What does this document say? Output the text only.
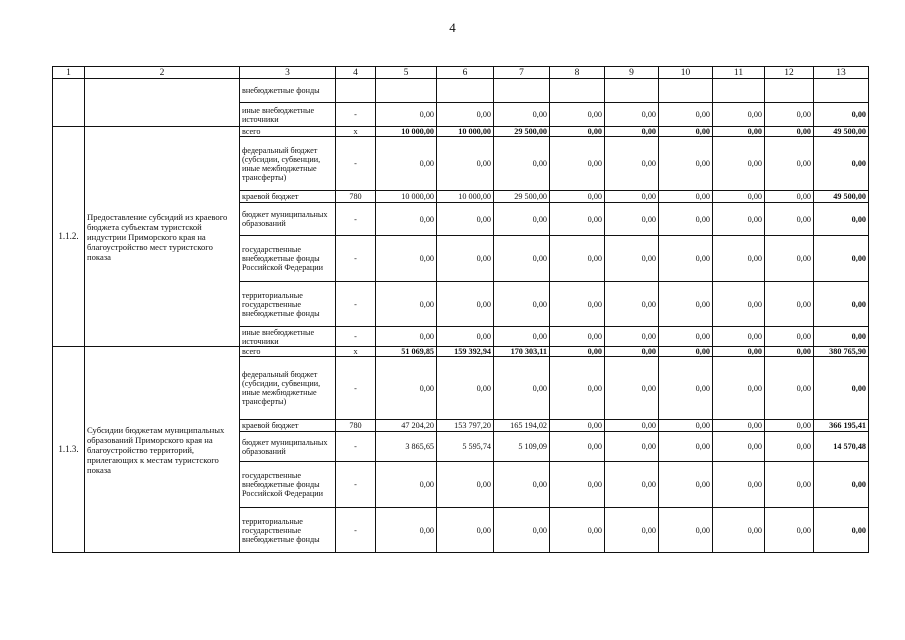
4
1	2	3	4	5	6	7	8	9	10	11	12	13
		внебюджетные фонды										
		иные внебюджетные источники	-	0,00	0,00	0,00	0,00	0,00	0,00	0,00	0,00	0,00
1.1.2.	Предоставление субсидий из краевого бюджета субъектам туристской индустрии Приморского края на благоустройство мест туристского показа	всего	x	10 000,00	10 000,00	29 500,00	0,00	0,00	0,00	0,00	0,00	49 500,00
		федеральный бюджет (субсидии, субвенции, иные межбюджетные трансферты)	-	0,00	0,00	0,00	0,00	0,00	0,00	0,00	0,00	0,00
		краевой бюджет	780	10 000,00	10 000,00	29 500,00	0,00	0,00	0,00	0,00	0,00	49 500,00
		бюджет муниципальных образований	-	0,00	0,00	0,00	0,00	0,00	0,00	0,00	0,00	0,00
		государственные внебюджетные фонды Российской Федерации	-	0,00	0,00	0,00	0,00	0,00	0,00	0,00	0,00	0,00
		территориальные государственные внебюджетные фонды	-	0,00	0,00	0,00	0,00	0,00	0,00	0,00	0,00	0,00
		иные внебюджетные источники	-	0,00	0,00	0,00	0,00	0,00	0,00	0,00	0,00	0,00
1.1.3.	Субсидии бюджетам муниципальных образований Приморского края на благоустройство территорий, прилегающих к местам туристского показа	всего	x	51 069,85	159 392,94	170 303,11	0,00	0,00	0,00	0,00	0,00	380 765,90
		федеральный бюджет (субсидии, субвенции, иные межбюджетные трансферты)	-	0,00	0,00	0,00	0,00	0,00	0,00	0,00	0,00	0,00
		краевой бюджет	780	47 204,20	153 797,20	165 194,02	0,00	0,00	0,00	0,00	0,00	366 195,41
		бюджет муниципальных образований	-	3 865,65	5 595,74	5 109,09	0,00	0,00	0,00	0,00	0,00	14 570,48
		государственные внебюджетные фонды Российской Федерации	-	0,00	0,00	0,00	0,00	0,00	0,00	0,00	0,00	0,00
		территориальные государственные внебюджетные фонды	-	0,00	0,00	0,00	0,00	0,00	0,00	0,00	0,00	0,00
